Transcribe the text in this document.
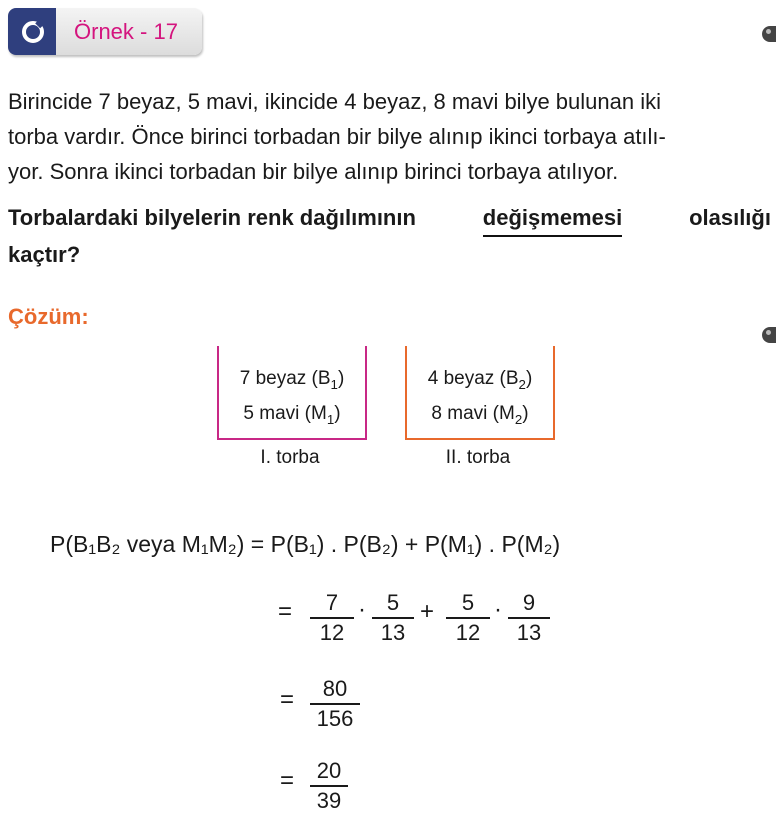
Örnek - 17
Birincide 7 beyaz, 5 mavi, ikincide 4 beyaz, 8 mavi bilye bulunan iki
torba vardır. Önce birinci torbadan bir bilye alınıp ikinci torbaya atılı-
yor. Sonra ikinci torbadan bir bilye alınıp birinci torbaya atılıyor.
Torbalardaki bilyelerin renk dağılımının	değişmemesi	olasılığı
kaçtır?
Çözüm:
7 beyaz $(B_1)$
5 mavi $(M_1)$
I. torba
4 beyaz $(B_2)$
8 mavi $(M_2)$
II. torba
P(B₁B₂ veya M₁M₂) = P(B₁) . P(B₂) + P(M₁) . P(M₂)
= $\frac{7}{12} \cdot \frac{5}{13} + \frac{5}{12} \cdot \frac{9}{13}$
= $\frac{80}{156}$
= $\frac{20}{39}$
